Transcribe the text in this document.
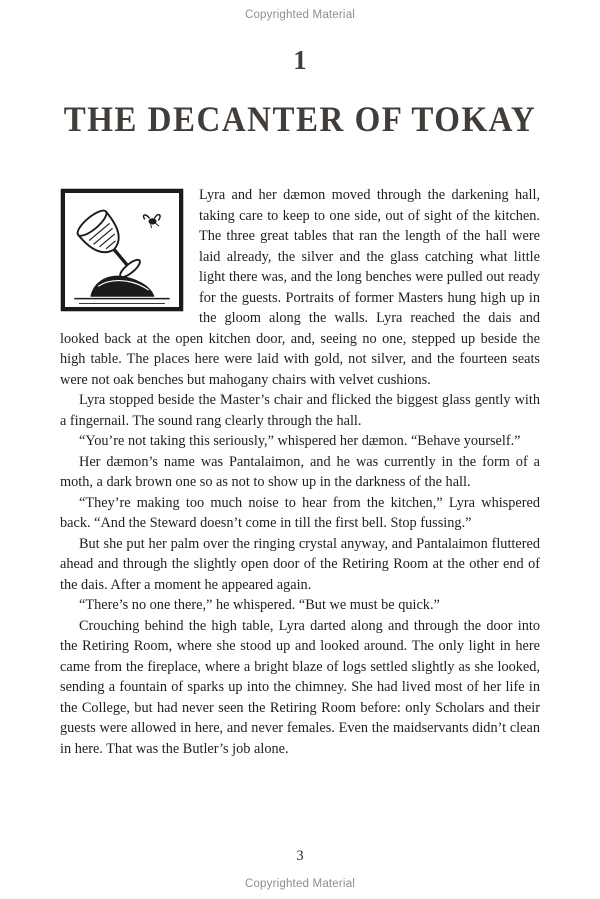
Copyrighted Material
1
THE DECANTER OF TOKAY

Lyra and her dæmon moved through the darkening hall, taking care to keep to one side, out of sight of the kitchen. The three great tables that ran the length of the hall were laid already, the silver and the glass catching what little light there was, and the long benches were pulled out ready for the guests. Portraits of former Masters hung high up in the gloom along the walls. Lyra reached the dais and looked back at the open kitchen door, and, seeing no one, stepped up beside the high table. The places here were laid with gold, not silver, and the fourteen seats were not oak benches but mahogany chairs with velvet cushions.

Lyra stopped beside the Master’s chair and flicked the biggest glass gently with a fingernail. The sound rang clearly through the hall.

“You’re not taking this seriously,” whispered her dæmon. “Behave yourself.”

Her dæmon’s name was Pantalaimon, and he was currently in the form of a moth, a dark brown one so as not to show up in the darkness of the hall.

“They’re making too much noise to hear from the kitchen,” Lyra whispered back. “And the Steward doesn’t come in till the first bell. Stop fussing.”

But she put her palm over the ringing crystal anyway, and Pantalaimon fluttered ahead and through the slightly open door of the Retiring Room at the other end of the dais. After a moment he appeared again.

“There’s no one there,” he whispered. “But we must be quick.”

Crouching behind the high table, Lyra darted along and through the door into the Retiring Room, where she stood up and looked around. The only light in here came from the fireplace, where a bright blaze of logs settled slightly as she looked, sending a fountain of sparks up into the chimney. She had lived most of her life in the College, but had never seen the Retiring Room before: only Scholars and their guests were allowed in here, and never females. Even the maidservants didn’t clean in here. That was the Butler’s job alone.

3
Copyrighted Material
